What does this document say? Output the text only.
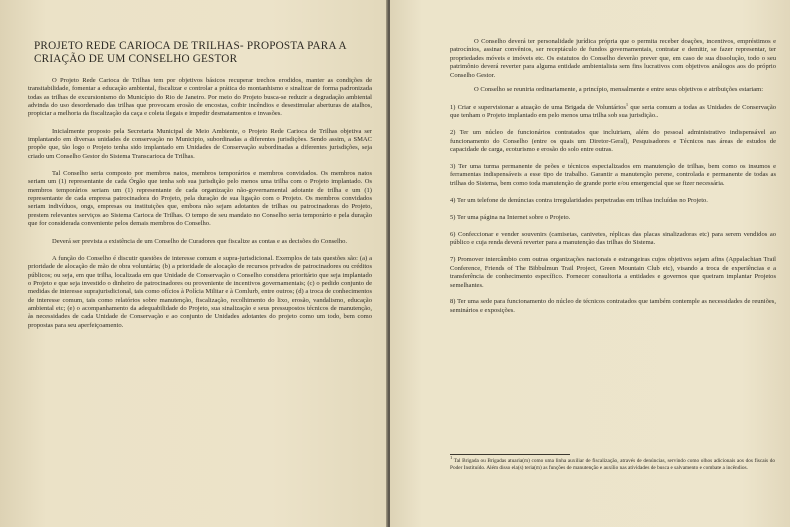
PROJETO REDE CARIOCA DE TRILHAS- PROPOSTA PARA A CRIAÇÃO DE UM CONSELHO GESTOR

O Projeto Rede Carioca de Trilhas tem por objetivos básicos recuperar trechos erodidos, manter as condições de transitabilidade, fomentar a educação ambiental, fiscalizar e controlar a prática do montanhismo e sinalizar de forma padronizada todas as trilhas de excursionismo do Município do Rio de Janeiro. Por meio do Projeto busca-se reduzir a degradação ambiental advinda do uso desordenado das trilhas que provocam erosão de encostas, coibir incêndios e desestimular aberturas de atalhos, propiciar a melhoria da fiscalização da caça e coleta ilegais e impedir desmatamentos e invasões.

Inicialmente proposto pela Secretaria Municipal de Meio Ambiente, o Projeto Rede Carioca de Trilhas objetiva ser implantando em diversas unidades de conservação no Municipio, subordinadas a diferentes jurisdições. Sendo assim, a SMAC propõe que, tão logo o Projeto tenha sido implantado em Unidades de Conservação subordinadas a diferentes jurisdições, seja criado um Conselho Gestor do Sistema Transcarioca de Trilhas.

Tal Conselho seria composto por membros natos, membros temporários e membros convidados. Os membros natos seriam um (1) representante de cada Órgão que tenha sob sua jurisdição pelo menos uma trilha com o Projeto implantado. Os membros temporários seriam um (1) representante de cada organização não-governamental adotante de trilha e um (1) representante de cada empresa patrocinadora do Projeto, pela duração de sua ligação com o Projeto. Os membros convidados seriam indivíduos, ongs, empresas ou instituições que, embora não sejam adotantes de trilhas ou patrocinadoras do Projeto, prestem relevantes serviços ao Sistema Carioca de Trilhas. O tempo de seu mandato no Conselho seria temporário e pela duração que for considerada conveniente pelos demais membros do Conselho.

Deverá ser prevista a existência de um Conselho de Curadores que fiscalize as contas e as decisões do Conselho.

A função do Conselho é discutir questões de interesse comum e supra-jurisdicional. Exemplos de tais questões são: (a) a prioridade de alocação de mão de obra voluntária; (b) a prioridade de alocação de recursos privados de patrocinadores ou créditos públicos; ou seja, em que trilha, localizada em que Unidade de Conservação o Conselho considera prioritário que seja implantado o Projeto e que seja investido o dinheiro de patrocinadores ou proveniente de incentivos governamentais; (c) o pedido conjunto de medidas de interesse suprajurisdicional, tais como ofícios à Polícia Militar e à Comlurb, entre outros; (d) a troca de conhecimentos de interesse comum, tais como relatórios sobre manutenção, fiscalização, recolhimento do lixo, erosão, vandalismo, educação ambiental etc; (e) o acompanhamento da adequabilidade do Projeto, sua sinalização e seus pressupostos técnicos de manutenção, às necessidades de cada Unidade de Conservação e ao conjunto de Unidades adotantes do projeto como um todo, bem como propostas para seu aperfeiçoamento.

O Conselho deverá ter personalidade jurídica própria que o permita receber doações, incentivos, empréstimos e patrocínios, assinar convênios, ser receptáculo de fundos governamentais, contratar e demitir, se fazer representar, ter propriedades móveis e imóveis etc. Os estatutos do Conselho deverão prever que, em caso de sua dissolução, todo o seu patrimônio deverá reverter para alguma entidade ambientalista sem fins lucrativos com objetivos análogos aos do próprio Conselho Gestor.

O Conselho se reuniria ordinariamente, a princípio, mensalmente e entre seus objetivos e atribuições estariam:

1) Criar e supervisionar a atuação de uma Brigada de Voluntários$^1$ que seria comum a todas as Unidades de Conservação que tenham o Projeto implantado em pelo menos uma trilha sob sua jurisdição..

2) Ter um núcleo de funcionários contratados que incluiriam, além do pessoal administrativo indispensável ao funcionamento do Conselho (entre os quais um Diretor-Geral), Pesquisadores e Técnicos nas áreas de estudos de capacidade de carga, ecoturismo e erosão do solo entre outras.

3) Ter uma turma permanente de peões e técnicos especializados em manutenção de trilhas, bem como os insumos e ferramentas indispensáveis a esse tipo de trabalho. Garantir a manutenção perene, controlada e permanente de todas as trilhas do Sistema, bem como toda manutenção de grande porte e/ou emergencial que se fizer necessária.

4) Ter um telefone de denúncias contra irregularidades perpetradas em trilhas incluídas no Projeto.

5) Ter uma página na Internet sobre o Projeto.

6) Confeccionar e vender souvenirs (camisetas, canivetes, réplicas das placas sinalizadoras etc) para serem vendidos ao público e cuja renda deverá reverter para a manutenção das trilhas do Sistema.

7) Promover intercâmbio com outras organizações nacionais e estrangeiras cujos objetivos sejam afins (Appalachian Trail Conference, Friends of The Bibbulmun Trail Project, Green Mountain Club etc), visando a troca de experiências e a transferência de conhecimento específico. Fornecer consultoria a entidades e governos que queiram implantar Projetos semelhantes.

8) Ter uma sede para funcionamento do núcleo de técnicos contratados que também contemple as necessidades de reuniões, seminários e exposições.

$^1$ Tal Brigada ou Brigadas atuaria(m) como uma linha auxiliar de fiscalização, através de denúncias, servindo como olhos adicionais aos dos fiscais do Poder Instituído. Além disso ela(s) teria(m) as funções de manutenção e auxílio nas atividades de busca e salvamento e combate a incêndios.
